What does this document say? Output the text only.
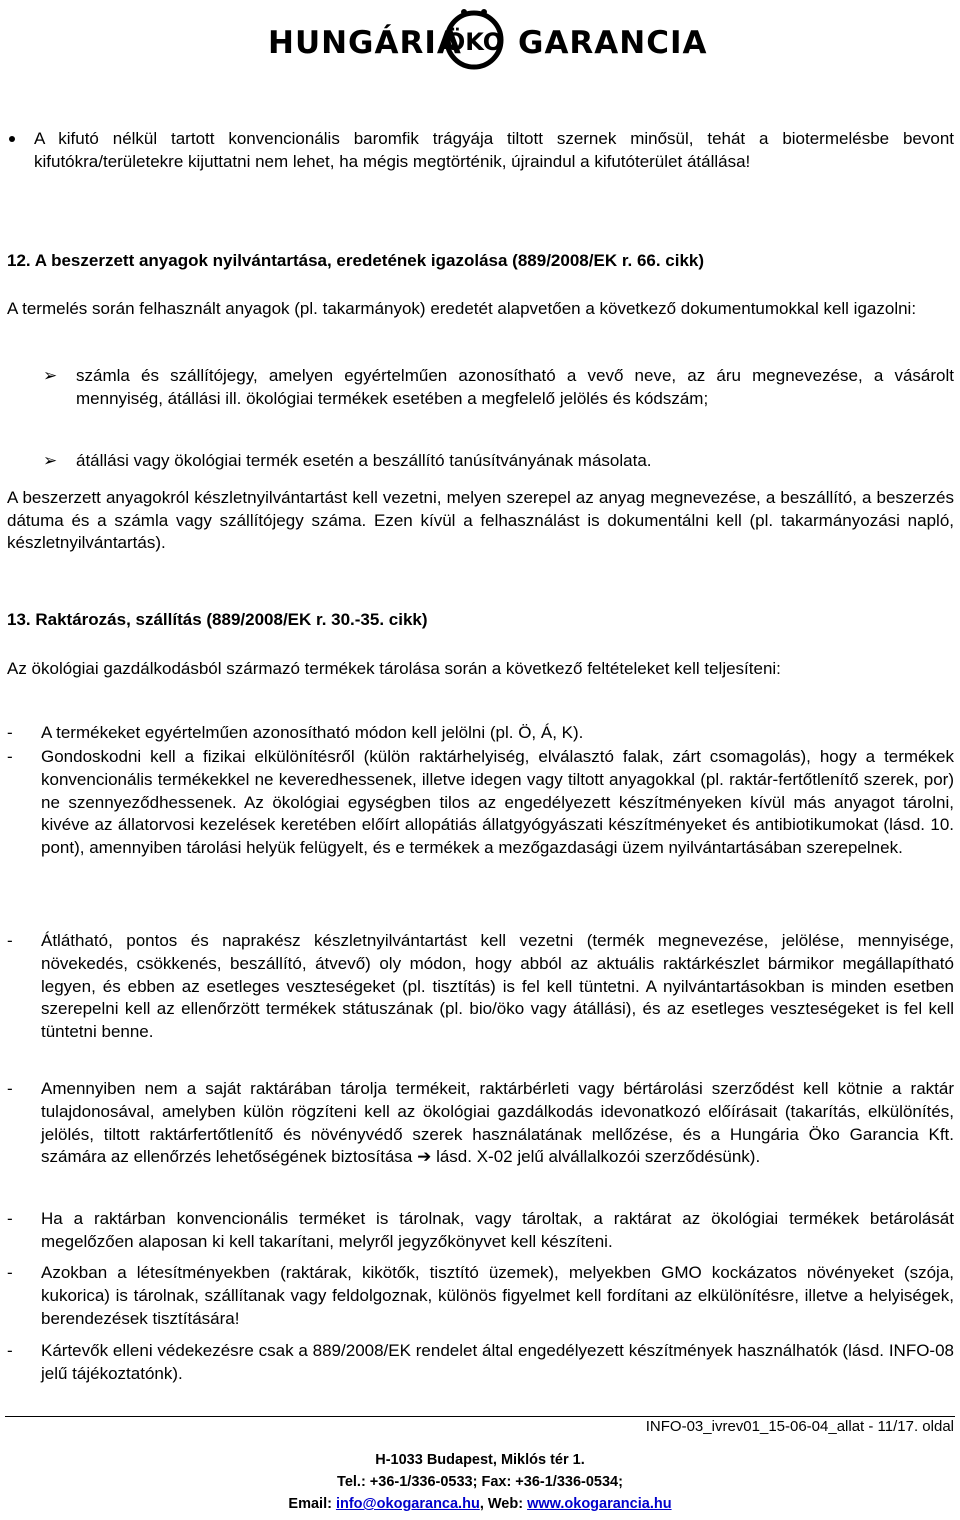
HUNGÁRIA
ÖKO GARANCIA
A kifutó nélkül tartott konvencionális baromfik trágyája tiltott szernek minősül, tehát a biotermelésbe bevont kifutókra/területekre kijuttatni nem lehet, ha mégis megtörténik, újraindul a kifutóterület átállása!
12. A beszerzett anyagok nyilvántartása, eredetének igazolása (889/2008/EK r. 66. cikk)
A termelés során felhasznált anyagok (pl. takarmányok) eredetét alapvetően a következő dokumentumokkal kell igazolni:
➢ számla és szállítójegy, amelyen egyértelműen azonosítható a vevő neve, az áru megnevezése, a vásárolt mennyiség, átállási ill. ökológiai termékek esetében a megfelelő jelölés és kódszám;
➢ átállási vagy ökológiai termék esetén a beszállító tanúsítványának másolata.
A beszerzett anyagokról készletnyilvántartást kell vezetni, melyen szerepel az anyag megnevezése, a beszállító, a beszerzés dátuma és a számla vagy szállítójegy száma. Ezen kívül a felhasználást is dokumentálni kell (pl. takarmányozási napló, készletnyilvántartás).
13. Raktározás, szállítás (889/2008/EK r. 30.-35. cikk)
Az ökológiai gazdálkodásból származó termékek tárolása során a következő feltételeket kell teljesíteni:
- A termékeket egyértelműen azonosítható módon kell jelölni (pl. Ö, Á, K).
- Gondoskodni kell a fizikai elkülönítésről (külön raktárhelyiség, elválasztó falak, zárt csomagolás), hogy a termékek konvencionális termékekkel ne keveredhessenek, illetve idegen vagy tiltott anyagokkal (pl. raktár-fertőtlenítő szerek, por) ne szennyeződhessenek. Az ökológiai egységben tilos az engedélyezett készítményeken kívül más anyagot tárolni, kivéve az állatorvosi kezelések keretében előírt allopátiás állatgyógyászati készítményeket és antibiotikumokat (lásd. 10. pont), amennyiben tárolási helyük felügyelt, és e termékek a mezőgazdasági üzem nyilvántartásában szerepelnek.
- Átlátható, pontos és naprakész készletnyilvántartást kell vezetni (termék megnevezése, jelölése, mennyisége, növekedés, csökkenés, beszállító, átvevő) oly módon, hogy abból az aktuális raktárkészlet bármikor megállapítható legyen, és ebben az esetleges veszteségeket (pl. tisztítás) is fel kell tüntetni. A nyilvántartásokban is minden esetben szerepelni kell az ellenőrzött termékek státuszának (pl. bio/öko vagy átállási), és az esetleges veszteségeket is fel kell tüntetni benne.
- Amennyiben nem a saját raktárában tárolja termékeit, raktárbérleti vagy bértárolási szerződést kell kötnie a raktár tulajdonosával, amelyben külön rögzíteni kell az ökológiai gazdálkodás idevonatkozó előírásait (takarítás, elkülönítés, jelölés, tiltott raktárfertőtlenítő és növényvédő szerek használatának mellőzése, és a Hungária Öko Garancia Kft. számára az ellenőrzés lehetőségének biztosítása ➔ lásd. X-02 jelű alvállalkozói szerződésünk).
- Ha a raktárban konvencionális terméket is tárolnak, vagy tároltak, a raktárat az ökológiai termékek betárolását megelőzően alaposan ki kell takarítani, melyről jegyzőkönyvet kell készíteni.
- Azokban a létesítményekben (raktárak, kikötők, tisztító üzemek), melyekben GMO kockázatos növényeket (szója, kukorica) is tárolnak, szállítanak vagy feldolgoznak, különös figyelmet kell fordítani az elkülönítésre, illetve a helyiségek, berendezések tisztítására!
- Kártevők elleni védekezésre csak a 889/2008/EK rendelet által engedélyezett készítmények használhatók (lásd. INFO-08 jelű tájékoztatónk).
INFO-03_ivrev01_15-06-04_allat - 11/17. oldal
H-1033 Budapest, Miklós tér 1.
Tel.: +36-1/336-0533; Fax: +36-1/336-0534;
Email: info@okogaranca.hu, Web: www.okogarancia.hu
